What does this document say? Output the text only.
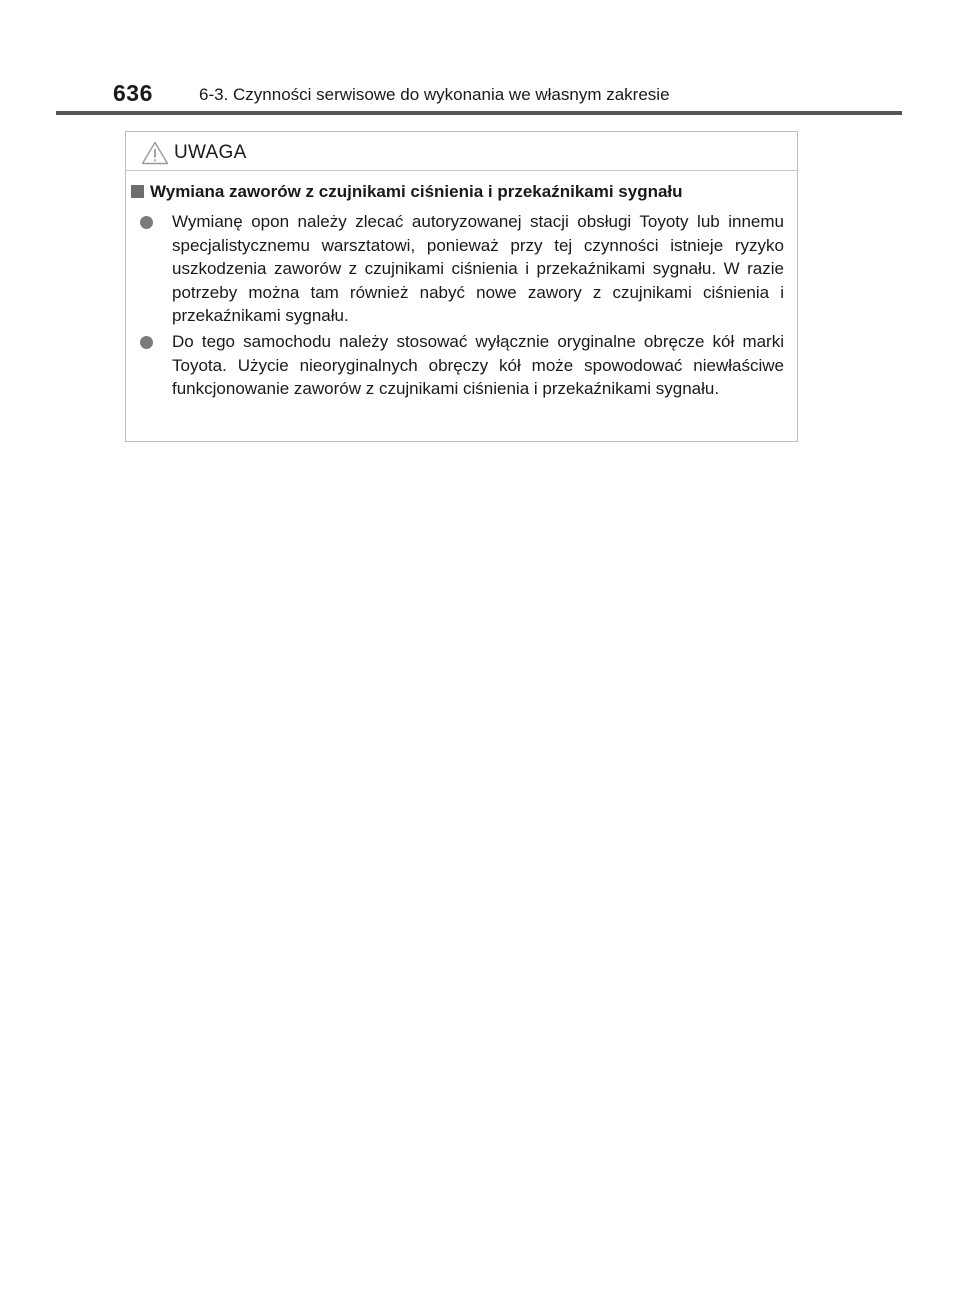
636	6-3. Czynności serwisowe do wykonania we własnym zakresie
UWAGA
Wymiana zaworów z czujnikami ciśnienia i przekaźnikami sygnału

Wymianę opon należy zlecać autoryzowanej stacji obsługi Toyoty lub innemu specjalistycznemu warsztatowi, ponieważ przy tej czynności istnieje ryzyko uszkodzenia zaworów z czujnikami ciśnienia i przekaźnikami sygnału. W razie potrzeby można tam również nabyć nowe zawory z czujnikami ciśnienia i przekaźnikami sygnału.

Do tego samochodu należy stosować wyłącznie oryginalne obręcze kół marki Toyota. Użycie nieoryginalnych obręczy kół może spowodować niewłaściwe funkcjonowanie zaworów z czujnikami ciśnienia i przekaźnikami sygnału.
